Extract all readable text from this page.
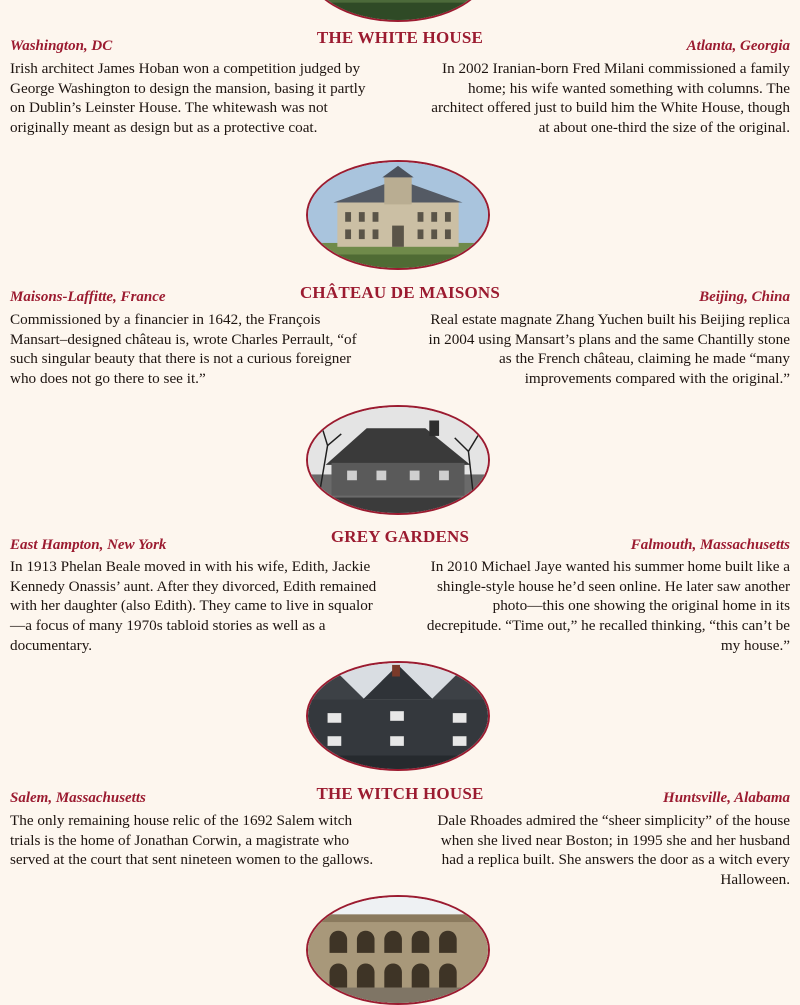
THE WHITE HOUSE
Washington, DC	Atlanta, Georgia
Irish architect James Hoban won a competition judged by George Washington to design the mansion, basing it partly on Dublin’s Leinster House. The whitewash was not originally meant as design but as a protective coat.
In 2002 Iranian-born Fred Milani commissioned a family home; his wife wanted something with columns. The architect offered just to build him the White House, though at about one-third the size of the original.
CHÂTEAU DE MAISONS
Maisons-Laffitte, France	Beijing, China
Commissioned by a financier in 1642, the François Mansart–designed château is, wrote Charles Perrault, “of such singular beauty that there is not a curious foreigner who does not go there to see it.”
Real estate magnate Zhang Yuchen built his Beijing replica in 2004 using Mansart’s plans and the same Chantilly stone as the French château, claiming he made “many improvements compared with the original.”
GREY GARDENS
East Hampton, New York	Falmouth, Massachusetts
In 1913 Phelan Beale moved in with his wife, Edith, Jackie Kennedy Onassis’ aunt. After they divorced, Edith remained with her daughter (also Edith). They came to live in squalor—a focus of many 1970s tabloid stories as well as a documentary.
In 2010 Michael Jaye wanted his summer home built like a shingle-style house he’d seen online. He later saw another photo—this one showing the original home in its decrepitude. “Time out,” he recalled thinking, “this can’t be my house.”
THE WITCH HOUSE
Salem, Massachusetts	Huntsville, Alabama
The only remaining house relic of the 1692 Salem witch trials is the home of Jonathan Corwin, a magistrate who served at the court that sent nineteen women to the gallows.
Dale Rhoades admired the “sheer simplicity” of the house when she lived near Boston; in 1995 she and her husband had a replica built. She answers the door as a witch every Halloween.
